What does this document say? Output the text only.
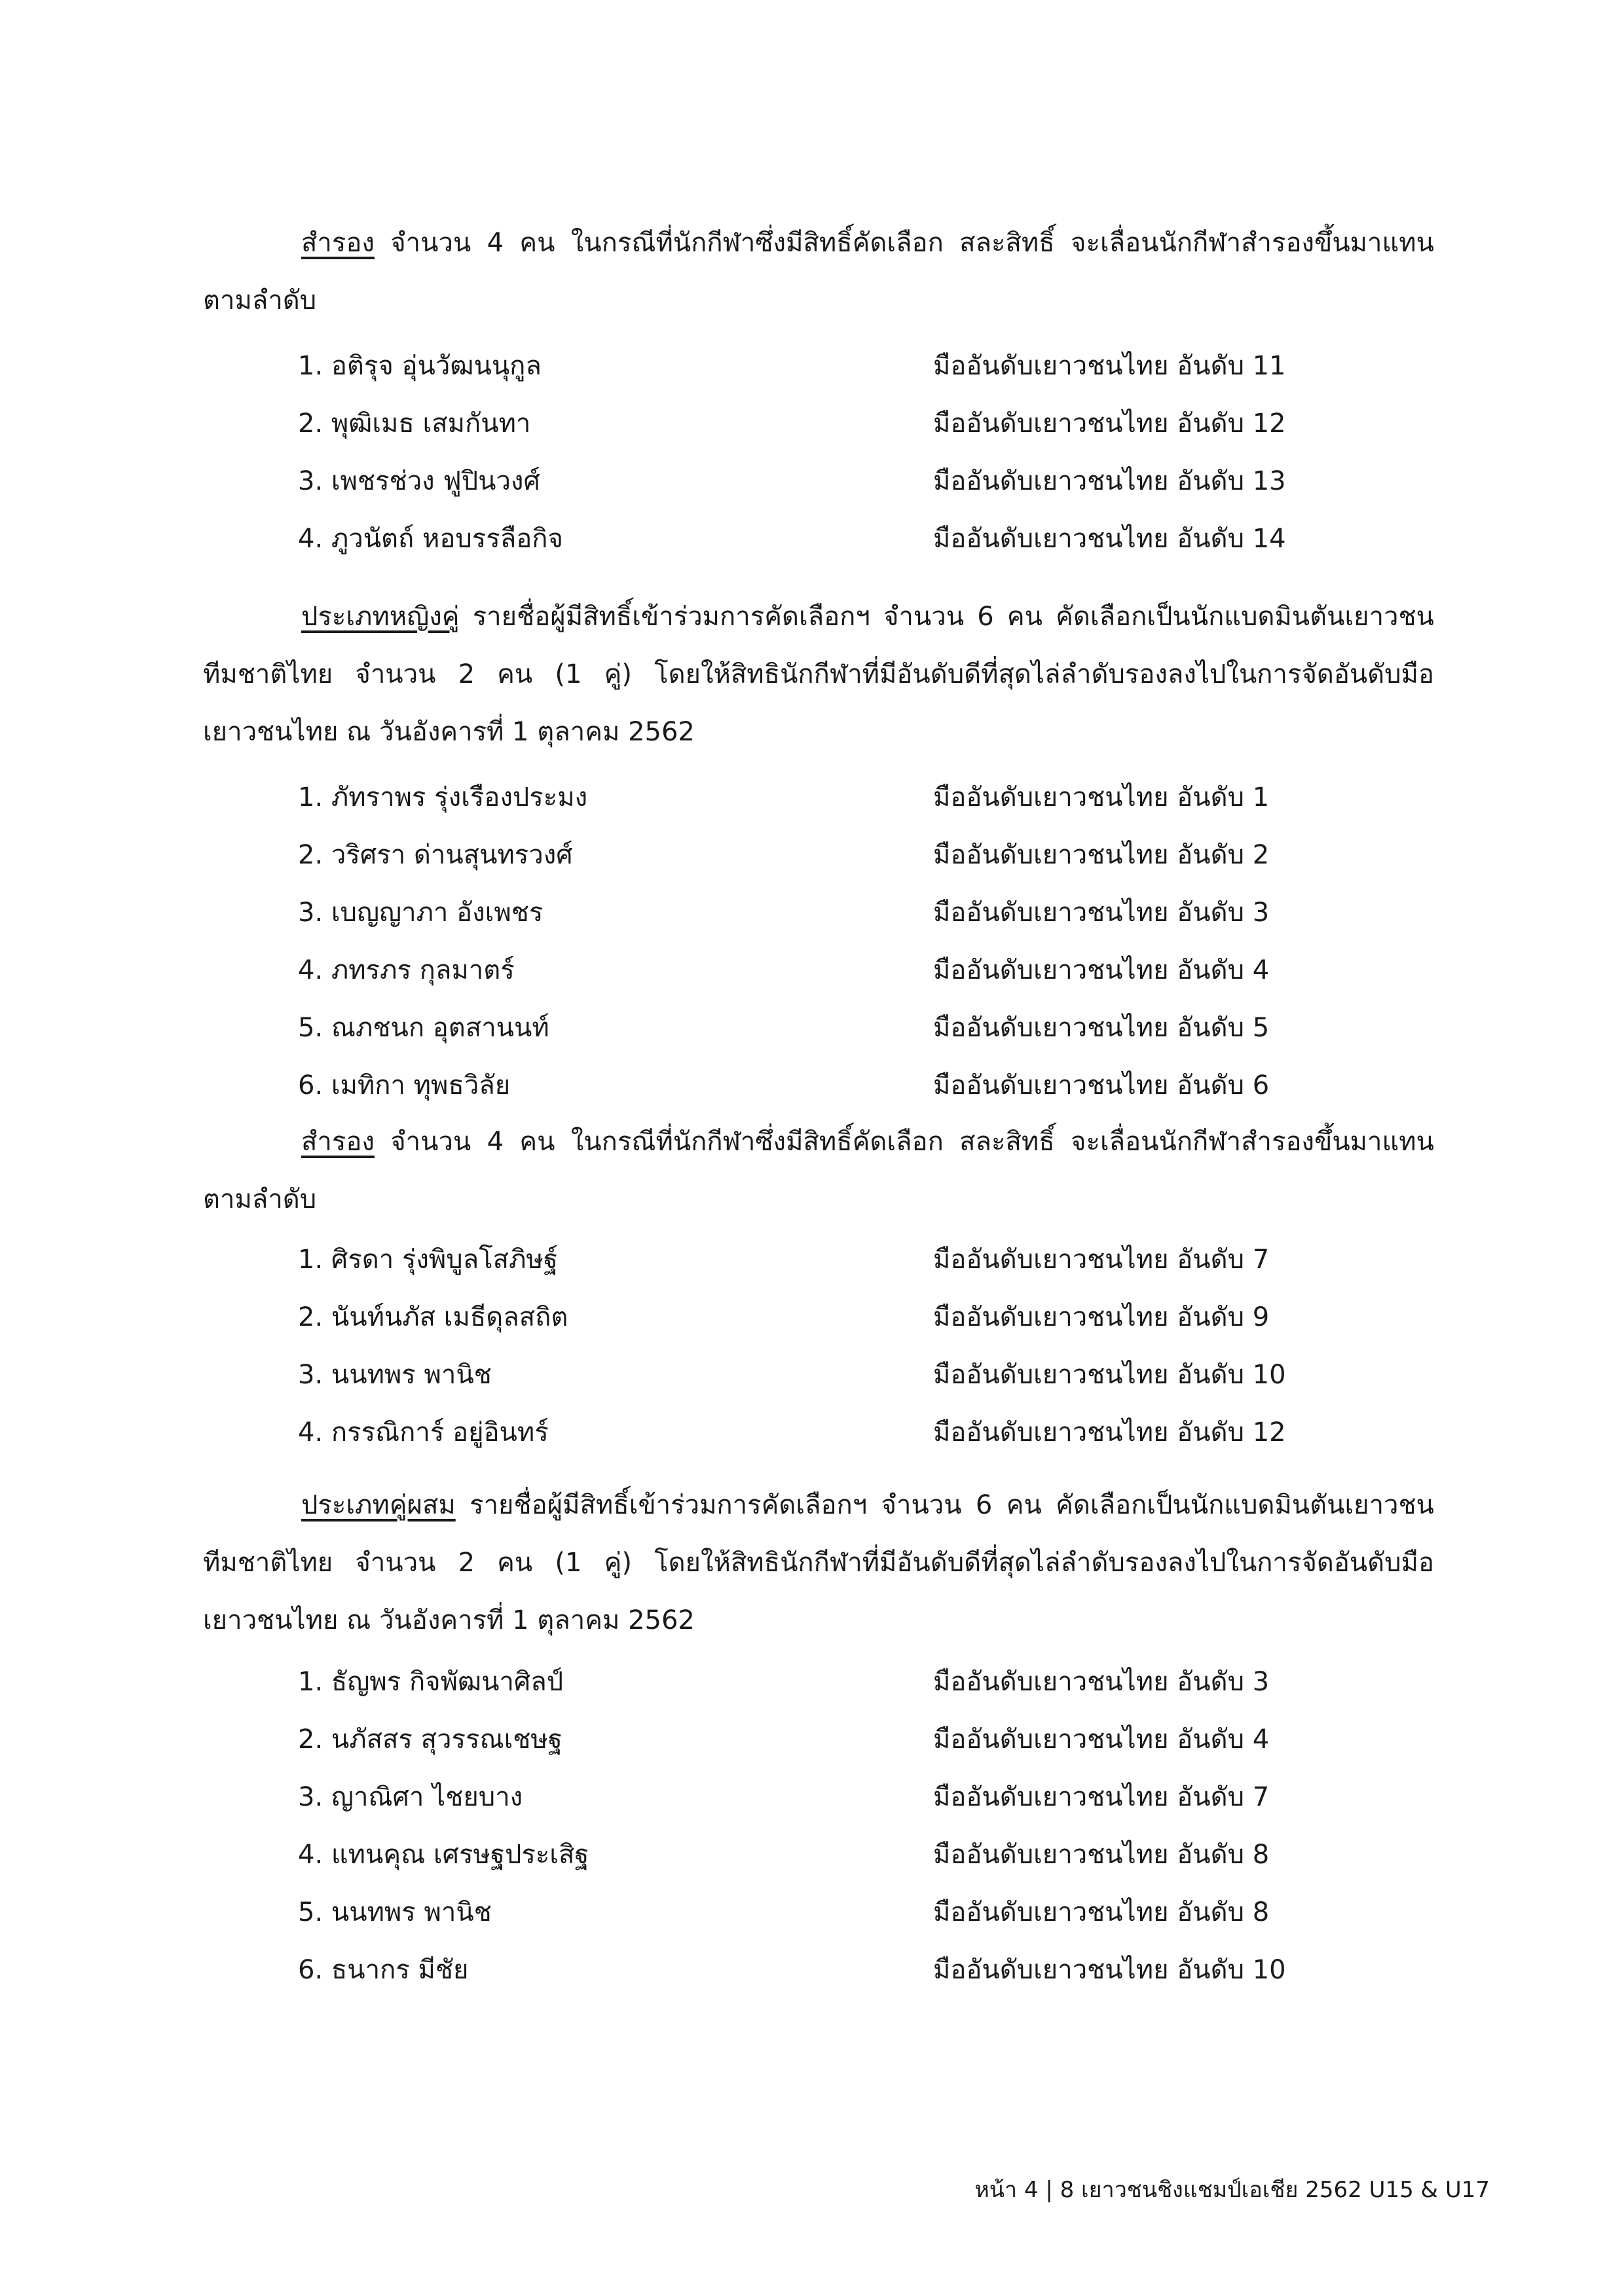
สำรอง จำนวน 4 คน ในกรณีที่นักกีฬาซึ่งมีสิทธิ์คัดเลือก สละสิทธิ์ จะเลื่อนนักกีฬาสำรองขึ้นมาแทนตามลำดับ
1. อติรุจ อุ่นวัฒนนุกูล	มืออันดับเยาวชนไทย อันดับ 11
2. พุฒิเมธ เสมกันทา	มืออันดับเยาวชนไทย อันดับ 12
3. เพชรช่วง ฟูปินวงศ์	มืออันดับเยาวชนไทย อันดับ 13
4. ภูวนัตถ์ หอบรรลือกิจ	มืออันดับเยาวชนไทย อันดับ 14
ประเภทหญิงคู่ รายชื่อผู้มีสิทธิ์เข้าร่วมการคัดเลือกฯ จำนวน 6 คน คัดเลือกเป็นนักแบดมินตันเยาวชนทีมชาติไทย จำนวน 2 คน (1 คู่) โดยให้สิทธินักกีฬาที่มีอันดับดีที่สุดไล่ลำดับรองลงไปในการจัดอันดับมือเยาวชนไทย ณ วันอังคารที่ 1 ตุลาคม 2562
1. ภัทราพร รุ่งเรืองประมง	มืออันดับเยาวชนไทย อันดับ 1
2. วริศรา ด่านสุนทรวงศ์	มืออันดับเยาวชนไทย อันดับ 2
3. เบญญาภา อังเพชร	มืออันดับเยาวชนไทย อันดับ 3
4. ภทรภร กุลมาตร์	มืออันดับเยาวชนไทย อันดับ 4
5. ณภชนก อุตสานนท์	มืออันดับเยาวชนไทย อันดับ 5
6. เมทิกา ทุพธวิลัย	มืออันดับเยาวชนไทย อันดับ 6
สำรอง จำนวน 4 คน ในกรณีที่นักกีฬาซึ่งมีสิทธิ์คัดเลือก สละสิทธิ์ จะเลื่อนนักกีฬาสำรองขึ้นมาแทนตามลำดับ
1. ศิรดา รุ่งพิบูลโสภิษฐ์	มืออันดับเยาวชนไทย อันดับ 7
2. นันท์นภัส เมธีดุลสถิต	มืออันดับเยาวชนไทย อันดับ 9
3. นนทพร พานิช	มืออันดับเยาวชนไทย อันดับ 10
4. กรรณิการ์ อยู่อินทร์	มืออันดับเยาวชนไทย อันดับ 12
ประเภทคู่ผสม รายชื่อผู้มีสิทธิ์เข้าร่วมการคัดเลือกฯ จำนวน 6 คน คัดเลือกเป็นนักแบดมินตันเยาวชนทีมชาติไทย จำนวน 2 คน (1 คู่) โดยให้สิทธินักกีฬาที่มีอันดับดีที่สุดไล่ลำดับรองลงไปในการจัดอันดับมือเยาวชนไทย ณ วันอังคารที่ 1 ตุลาคม 2562
1. ธัญพร กิจพัฒนาศิลป์	มืออันดับเยาวชนไทย อันดับ 3
2. นภัสสร สุวรรณเชษฐ	มืออันดับเยาวชนไทย อันดับ 4
3. ญาณิศา ไชยบาง	มืออันดับเยาวชนไทย อันดับ 7
4. แทนคุณ เศรษฐประเสิฐ	มืออันดับเยาวชนไทย อันดับ 8
5. นนทพร พานิช	มืออันดับเยาวชนไทย อันดับ 8
6. ธนากร มีชัย	มืออันดับเยาวชนไทย อันดับ 10
หน้า 4 | 8 เยาวชนชิงแชมป์เอเชีย 2562 U15 & U17
